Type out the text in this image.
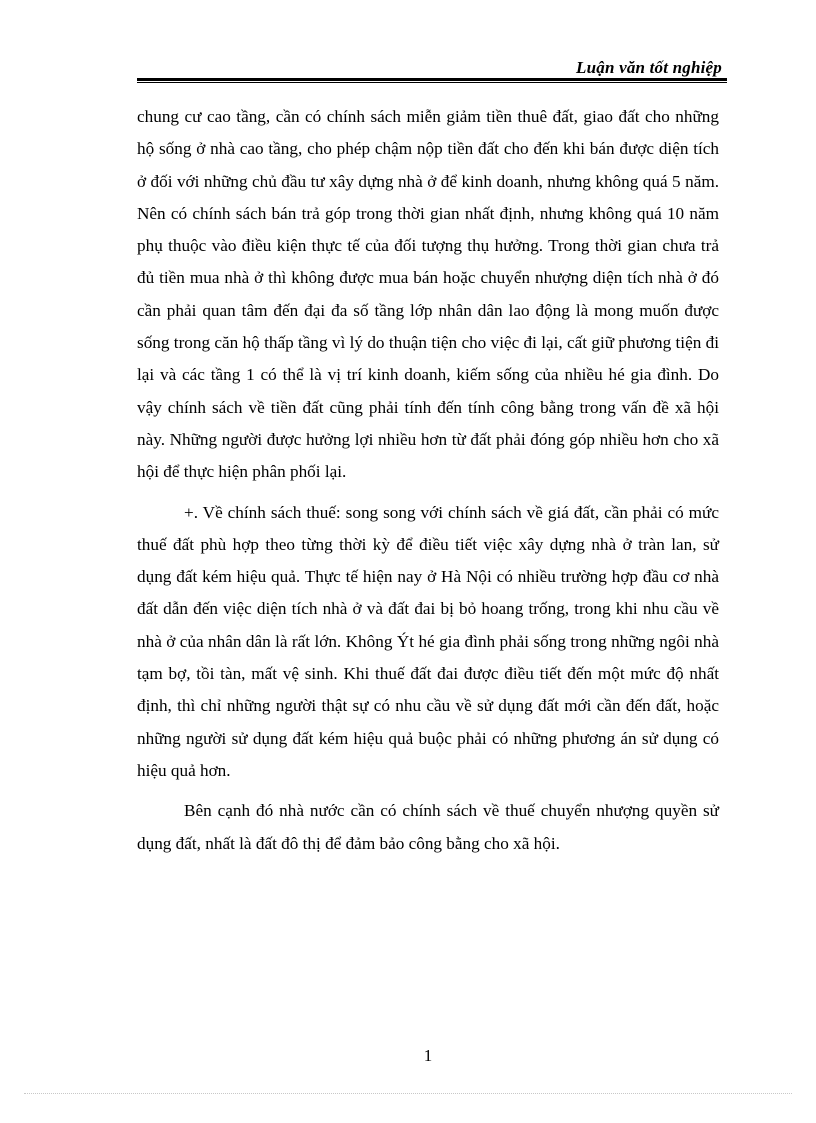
Luận văn tốt nghiệp

chung cư cao tầng, cần có chính sách miễn giảm tiền thuê đất, giao đất cho những hộ sống ở nhà cao tầng, cho phép chậm nộp tiền đất cho đến khi bán được diện tích ở đối với những chủ đầu tư xây dựng nhà ở để kinh doanh, nhưng không quá 5 năm. Nên có chính sách bán trả góp trong thời gian nhất định, nhưng không quá 10 năm phụ thuộc vào điều kiện thực tế của đối tượng thụ hưởng. Trong thời gian chưa trả đủ tiền mua nhà ở thì không được mua bán hoặc chuyển nhượng diện tích nhà ở đó cần phải quan tâm đến đại đa số tầng lớp nhân dân lao động là mong muốn được sống trong căn hộ thấp tầng vì lý do thuận tiện cho việc đi lại, cất giữ phương tiện đi lại và các tầng 1 có thể là vị trí kinh doanh, kiếm sống của nhiều hé gia đình. Do vậy chính sách về tiền đất cũng phải tính đến tính công bằng trong vấn đề xã hội này. Những người được hưởng lợi nhiều hơn từ đất phải đóng góp nhiều hơn cho xã hội để thực hiện phân phối lại.

+. Về chính sách thuế: song song với chính sách về giá đất, cần phải có mức thuế đất phù hợp theo từng thời kỳ để điều tiết việc xây dựng nhà ở tràn lan, sử dụng đất kém hiệu quả. Thực tế hiện nay ở Hà Nội có nhiều trường hợp đầu cơ nhà đất dẫn đến việc diện tích nhà ở và đất đai bị bỏ hoang trống, trong khi nhu cầu về nhà ở của nhân dân là rất lớn. Không Ýt hé gia đình phải sống trong những ngôi nhà tạm bợ, tồi tàn, mất vệ sinh. Khi thuế đất đai được điều tiết đến một mức độ nhất định, thì chỉ những người thật sự có nhu cầu về sử dụng đất mới cần đến đất, hoặc những người sử dụng đất kém hiệu quả buộc phải có những phương án sử dụng có hiệu quả hơn.

Bên cạnh đó nhà nước cần có chính sách về thuế chuyển nhượng quyền sử dụng đất, nhất là đất đô thị để đảm bảo công bằng cho xã hội.

1
